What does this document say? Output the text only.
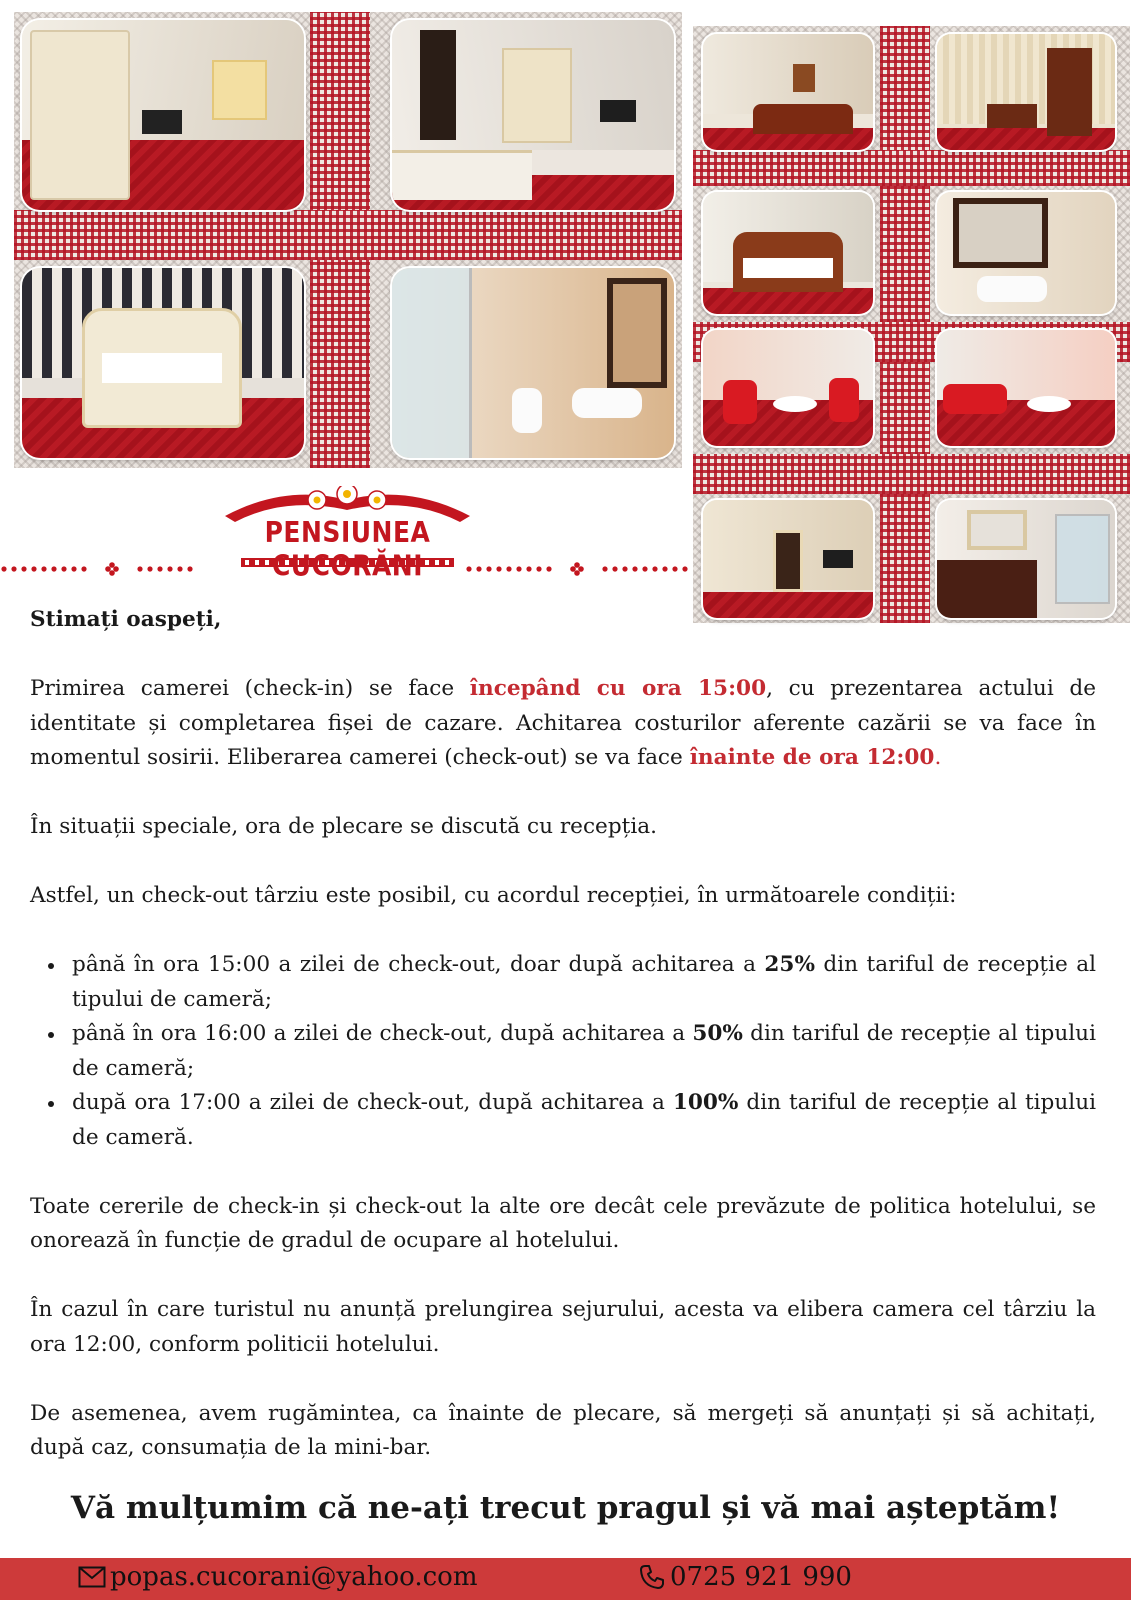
PENSIUNEA CUCORĂNI
Stimați oaspeți,

Primirea camerei (check-in) se face începând cu ora 15:00, cu prezentarea actului de identitate și completarea fișei de cazare. Achitarea costurilor aferente cazării se va face în momentul sosirii. Eliberarea camerei (check-out) se va face înainte de ora 12:00.

În situații speciale, ora de plecare se discută cu recepția.

Astfel, un check-out târziu este posibil, cu acordul recepției, în următoarele condiții:

până în ora 15:00 a zilei de check-out, doar după achitarea a 25% din tariful de recepție al tipului de cameră;
până în ora 16:00 a zilei de check-out, după achitarea a 50% din tariful de recepție al tipului de cameră;
după ora 17:00 a zilei de check-out, după achitarea a 100% din tariful de recepție al tipului de cameră.

Toate cererile de check-in și check-out la alte ore decât cele prevăzute de politica hotelului, se onorează în funcție de gradul de ocupare al hotelului.

În cazul în care turistul nu anunță prelungirea sejurului, acesta va elibera camera cel târziu la ora 12:00, conform politicii hotelului.

De asemenea, avem rugămintea, ca înainte de plecare, să mergeți să anunțați și să achitați, după caz, consumația de la mini-bar.

Vă mulțumim că ne-ați trecut pragul și vă mai așteptăm!
popas.cucorani@yahoo.com	0725 921 990
